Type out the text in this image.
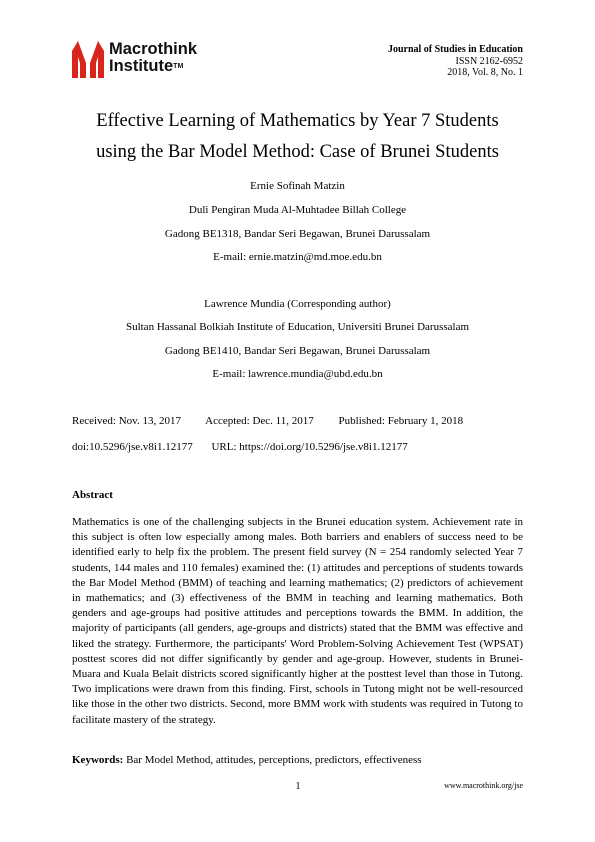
Macrothink
Institute™
Journal of Studies in Education
ISSN 2162-6952
2018, Vol. 8, No. 1
Effective Learning of Mathematics by Year 7 Students
using the Bar Model Method: Case of Brunei Students
Ernie Sofinah Matzin
Duli Pengiran Muda Al-Muhtadee Billah College
Gadong BE1318, Bandar Seri Begawan, Brunei Darussalam
E-mail: ernie.matzin@md.moe.edu.bn
Lawrence Mundia (Corresponding author)
Sultan Hassanal Bolkiah Institute of Education, Universiti Brunei Darussalam
Gadong BE1410, Bandar Seri Begawan, Brunei Darussalam
E-mail: lawrence.mundia@ubd.edu.bn
Received: Nov. 13, 2017 Accepted: Dec. 11, 2017 Published: February 1, 2018
doi:10.5296/jse.v8i1.12177 URL: https://doi.org/10.5296/jse.v8i1.12177
Abstract
Mathematics is one of the challenging subjects in the Brunei education system. Achievement rate in this subject is often low especially among males. Both barriers and enablers of success need to be identified early to help fix the problem. The present field survey (N = 254 randomly selected Year 7 students, 144 males and 110 females) examined the: (1) attitudes and perceptions of students towards the Bar Model Method (BMM) of teaching and learning mathematics; (2) predictors of achievement in mathematics; and (3) effectiveness of the BMM in teaching and learning mathematics. Both genders and age-groups had positive attitudes and perceptions towards the BMM. In addition, the majority of participants (all genders, age-groups and districts) stated that the BMM was effective and liked the strategy. Furthermore, the participants' Word Problem-Solving Achievement Test (WPSAT) posttest scores did not differ significantly by gender and age-group. However, students in Brunei-Muara and Kuala Belait districts scored significantly higher at the posttest level than those in Tutong. Two implications were drawn from this finding. First, schools in Tutong might not be well-resourced like those in the other two districts. Second, more BMM work with students was required in Tutong to facilitate mastery of the strategy.
Keywords: Bar Model Method, attitudes, perceptions, predictors, effectiveness
1	www.macrothink.org/jse
